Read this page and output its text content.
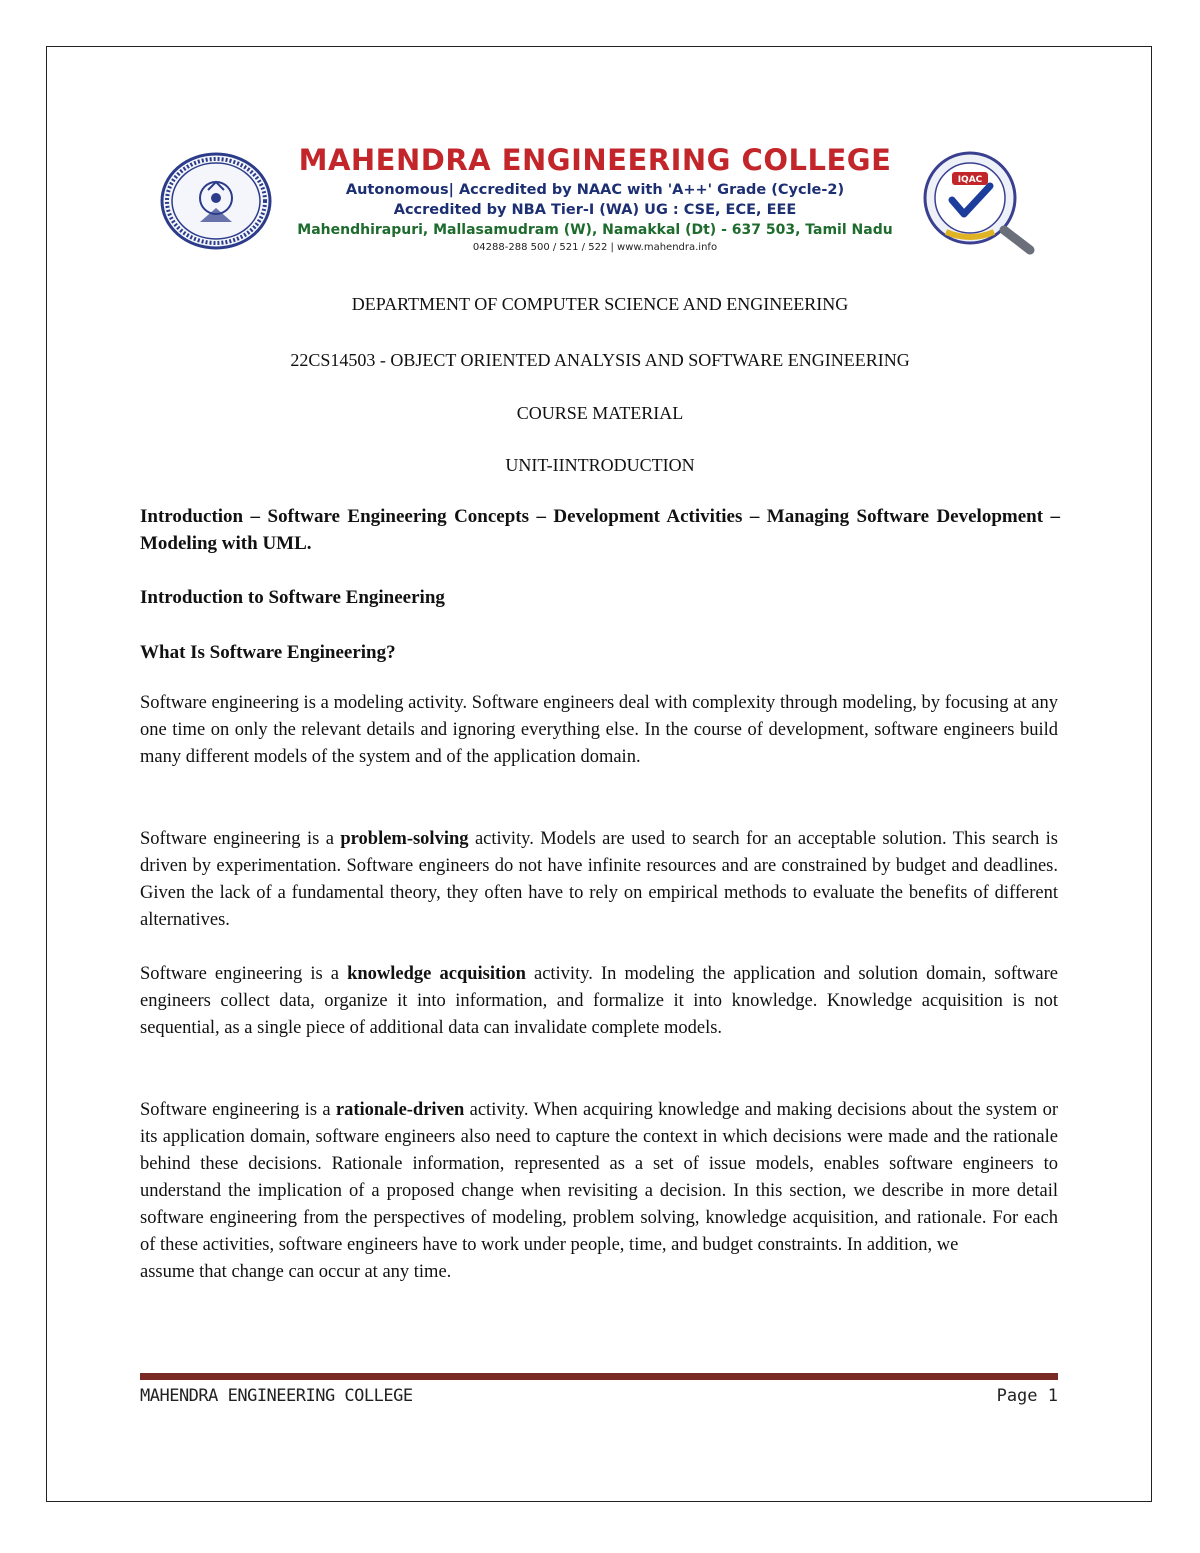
MAHENDRA ENGINEERING COLLEGE
Autonomous| Accredited by NAAC with 'A++' Grade (Cycle-2)
Accredited by NBA Tier-I (WA) UG : CSE, ECE, EEE
Mahendhirapuri, Mallasamudram (W), Namakkal (Dt) - 637 503, Tamil Nadu
04288-288 500 / 521 / 522 | www.mahendra.info
IQAC
DEPARTMENT OF COMPUTER SCIENCE AND ENGINEERING
22CS14503 - OBJECT ORIENTED ANALYSIS AND SOFTWARE ENGINEERING
COURSE MATERIAL
UNIT-IINTRODUCTION
Introduction – Software Engineering Concepts – Development Activities – Managing Software Development – Modeling with UML.
Introduction to Software Engineering
What Is Software Engineering?

Software engineering is a modeling activity. Software engineers deal with complexity through modeling, by focusing at any one time on only the relevant details and ignoring everything else. In the course of development, software engineers build many different models of the system and of the application domain.

Software engineering is a problem-solving activity. Models are used to search for an acceptable solution. This search is driven by experimentation. Software engineers do not have infinite resources and are constrained by budget and deadlines. Given the lack of a fundamental theory, they often have to rely on empirical methods to evaluate the benefits of different alternatives.

Software engineering is a knowledge acquisition activity. In modeling the application and solution domain, software engineers collect data, organize it into information, and formalize it into knowledge. Knowledge acquisition is not sequential, as a single piece of additional data can invalidate complete models.

Software engineering is a rationale-driven activity. When acquiring knowledge and making decisions about the system or its application domain, software engineers also need to capture the context in which decisions were made and the rationale behind these decisions. Rationale information, represented as a set of issue models, enables software engineers to understand the implication of a proposed change when revisiting a decision. In this section, we describe in more detail software engineering from the perspectives of modeling, problem solving, knowledge acquisition, and rationale. For each of these activities, software engineers have to work under people, time, and budget constraints. In addition, we
assume that change can occur at any time.

MAHENDRA ENGINEERING COLLEGE	Page 1
